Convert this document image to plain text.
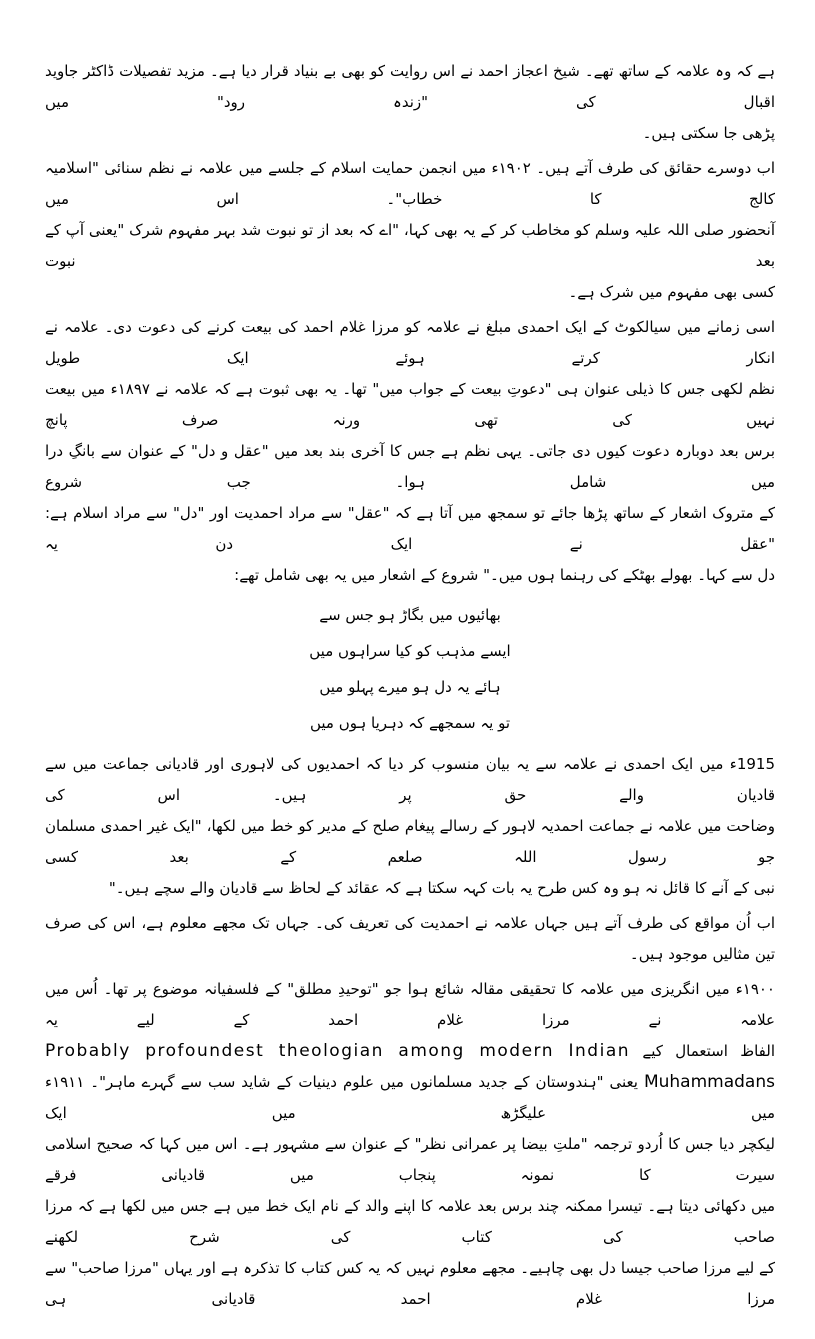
ہے کہ وہ علامہ کے ساتھ تھے۔ شیخ اعجاز احمد نے اس روایت کو بھی بے بنیاد قرار دیا ہے۔ مزید تفصیلات ڈاکٹر جاوید اقبال کی "زندہ رود" میں
پڑھی جا سکتی ہیں۔
اب دوسرے حقائق کی طرف آتے ہیں۔ ۱۹۰۲ء میں انجمن حمایت اسلام کے جلسے میں علامہ نے نظم سنائی "اسلامیہ کالج کا خطاب"۔ اس میں
آنحضور صلی اللہ علیہ وسلم کو مخاطب کر کے یہ بھی کہا، "اے کہ بعد از تو نبوت شد بہر مفہوم شرک "یعنی آپ کے بعد نبوت
کسی بھی مفہوم میں شرک ہے۔
اسی زمانے میں سیالکوٹ کے ایک احمدی مبلغ نے علامہ کو مرزا غلام احمد کی بیعت کرنے کی دعوت دی۔ علامہ نے انکار کرتے ہوئے ایک طویل
نظم لکھی جس کا ذیلی عنوان ہی "دعوتِ بیعت کے جواب میں" تھا۔ یہ بھی ثبوت ہے کہ علامہ نے ۱۸۹۷ء میں بیعت نہیں کی تھی ورنہ صرف پانچ
برس بعد دوبارہ دعوت کیوں دی جاتی۔ یہی نظم ہے جس کا آخری بند بعد میں "عقل و دل" کے عنوان سے بانگِ درا میں شامل ہوا۔ جب شروع
کے متروک اشعار کے ساتھ پڑھا جائے تو سمجھ میں آتا ہے کہ "عقل" سے مراد احمدیت اور "دل" سے مراد اسلام ہے: "عقل نے ایک دن یہ
دل سے کہا۔ بھولے بھٹکے کی رہنما ہوں میں۔" شروع کے اشعار میں یہ بھی شامل تھے:
بھائیوں میں بگاڑ ہو جس سے
ایسے مذہب کو کیا سراہوں میں
ہائے یہ دل ہو میرے پہلو میں
تو یہ سمجھے کہ دہریا ہوں میں
1915ء میں ایک احمدی نے علامہ سے یہ بیان منسوب کر دیا کہ احمدیوں کی لاہوری اور قادیانی جماعت میں سے قادیان والے حق پر ہیں۔ اس کی
وضاحت میں علامہ نے جماعت احمدیہ لاہور کے رسالے پیغام صلح کے مدیر کو خط میں لکھا، "ایک غیر احمدی مسلمان جو رسول اللہ صلعم کے بعد کسی
نبی کے آنے کا قائل نہ ہو وہ کس طرح یہ بات کہہ سکتا ہے کہ عقائد کے لحاظ سے قادیان والے سچے ہیں۔"
اب اُن مواقع کی طرف آتے ہیں جہاں علامہ نے احمدیت کی تعریف کی۔ جہاں تک مجھے معلوم ہے، اس کی صرف تین مثالیں موجود ہیں۔
۱۹۰۰ء میں انگریزی میں علامہ کا تحقیقی مقالہ شائع ہوا جو "توحیدِ مطلق" کے فلسفیانہ موضوع پر تھا۔ اُس میں علامہ نے مرزا غلام احمد کے لیے یہ
الفاظ استعمال کیے Probably profoundest theologian among modern Indian
Muhammadans یعنی "ہندوستان کے جدید مسلمانوں میں علوم دینیات کے شاید سب سے گہرے ماہر"۔ ۱۹۱۱ء میں علیگڑھ میں ایک
لیکچر دیا جس کا اُردو ترجمہ "ملتِ بیضا پر عمرانی نظر" کے عنوان سے مشہور ہے۔ اس میں کہا کہ صحیح اسلامی سیرت کا نمونہ پنجاب میں قادیانی فرقے
میں دکھائی دیتا ہے۔ تیسرا ممکنہ چند برس بعد علامہ کا اپنے والد کے نام ایک خط میں ہے جس میں لکھا ہے کہ مرزا صاحب کی کتاب کی شرح لکھنے
کے لیے مرزا صاحب جیسا دل بھی چاہیے۔ مجھے معلوم نہیں کہ یہ کس کتاب کا تذکرہ ہے اور یہاں "مرزا صاحب" سے مرزا غلام احمد قادیانی ہی
